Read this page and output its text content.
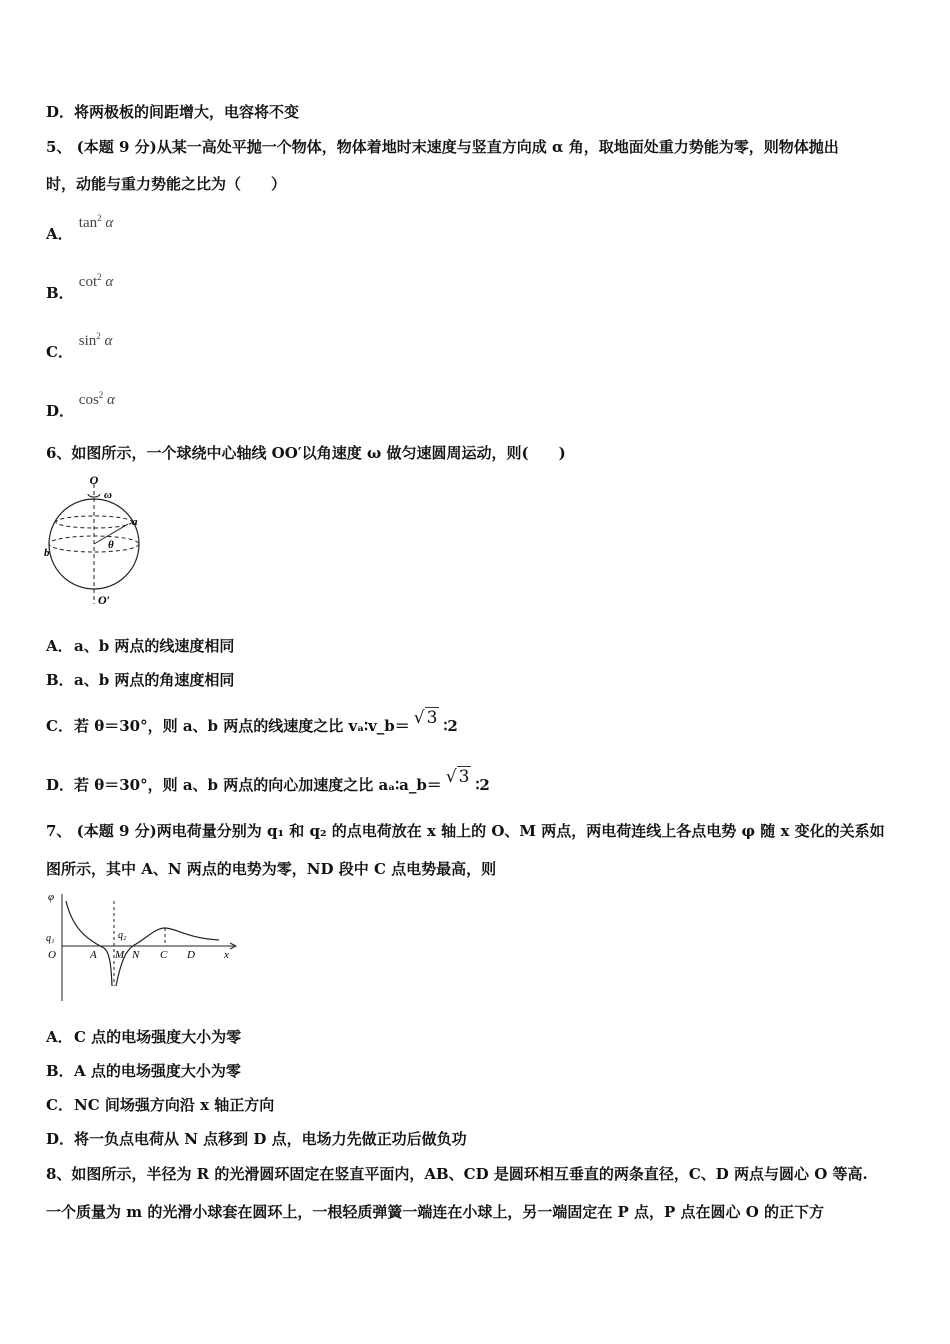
D．将两极板的间距增大，电容将不变
5、 (本题 9 分)从某一高处平抛一个物体，物体着地时末速度与竖直方向成 α 角，取地面处重力势能为零，则物体抛出
时，动能与重力势能之比为（　　）
A． $\tan^2 \alpha$
B． $\cot^2 \alpha$
C． $\sin^2 \alpha$
D． $\cos^2 \alpha$
6、如图所示，一个球绕中心轴线 OO′以角速度 ω 做匀速圆周运动，则(　　)
O
ω
a
b
θ
O′
A．a、b 两点的线速度相同
B．a、b 两点的角速度相同
C．若 θ＝30°，则 a、b 两点的线速度之比 vₐ∶v_b＝ √ 3 ∶2
D．若 θ＝30°，则 a、b 两点的向心加速度之比 aₐ∶a_b＝ √ 3 ∶2
7、 (本题 9 分)两电荷量分别为 q₁ 和 q₂ 的点电荷放在 x 轴上的 O、M 两点，两电荷连线上各点电势 φ 随 x 变化的关系如
图所示，其中 A、N 两点的电势为零，ND 段中 C 点电势最高，则
φ
q₁	q₂
O	A M N C D	x
A．C 点的电场强度大小为零
B．A 点的电场强度大小为零
C．NC 间场强方向沿 x 轴正方向
D．将一负点电荷从 N 点移到 D 点，电场力先做正功后做负功
8、如图所示，半径为 R 的光滑圆环固定在竖直平面内，AB、CD 是圆环相互垂直的两条直径，C、D 两点与圆心 O 等高.
一个质量为 m 的光滑小球套在圆环上，一根轻质弹簧一端连在小球上，另一端固定在 P 点，P 点在圆心 O 的正下方
